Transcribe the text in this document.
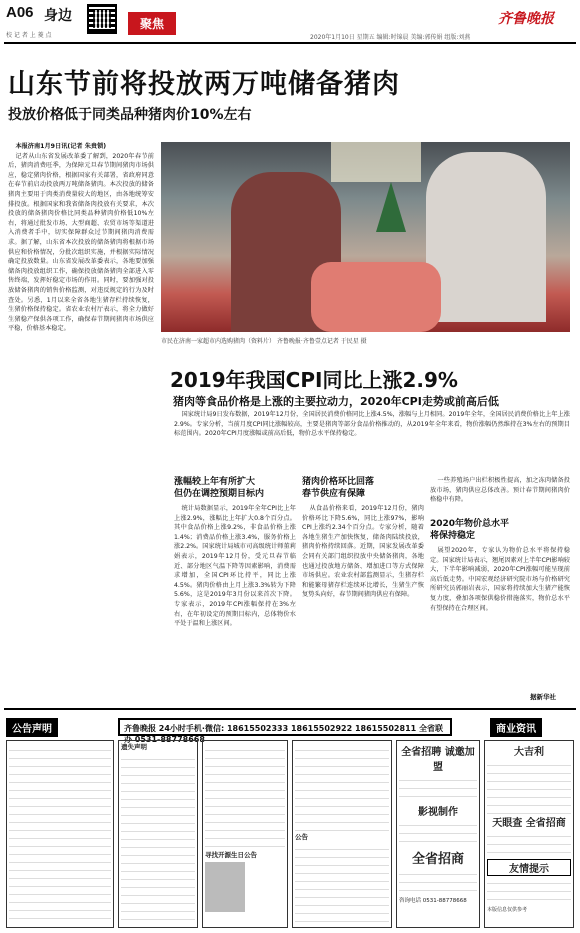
A06 身边
校 记 者 上 菱 点
聚焦	齐鲁晚报
2020年1月10日 星期五 编辑:时锦晨 美编:郭传娟 组版:刘燕
山东节前将投放两万吨储备猪肉
投放价格低于同类品种猪肉价10%左右

本报济南1月9日讯(记者 朱贵锁)

记者从山东省发展改革委了解到，2020年春节前后，猪肉消费旺季，为保障元旦春节期间猪肉市场供应，稳定猪肉价格，根据国家有关部署，省政府同意在春节前启动投放两万吨储备猪肉。本次投放的储备猪肉主要用于肉类消费量较大的地区，由各地统筹安排投放。根据国家和我省储备肉投放有关要求，本次投放的储备猪肉价格比同类品种猪肉价格低10%左右，将通过批发市场、大型商超、农贸市场等渠道进入消费者手中，切实保障群众过节期间猪肉消费需求。据了解，山东省本次投放的储备猪肉将根据市场供应和价格情况，分批次组织实施，并根据实际情况确定投放数量。山东省发展改革委表示，各地要加强储备肉投放组织工作，确保投放储备猪肉全部进入零售终端，发挥好稳定市场的作用。同时，要加强对投放储备猪肉的销售价格监测，对违反规定的行为及时查处。另悉，1月以来全省各地生猪存栏持续恢复，生猪价格保持稳定。省农业农村厅表示，将全力做好生猪稳产保供各项工作，确保春节期间猪肉市场供应平稳，价格基本稳定。

市民在济南一家超市内选购猪肉（资料片） 齐鲁晚报·齐鲁壹点记者 于民星 摄
2019年我国CPI同比上涨2.9%
猪肉等食品价格是上涨的主要拉动力，2020年CPI走势或前高后低

国家统计局9日发布数据，2019年12月份，全国居民消费价格同比上涨4.5%，涨幅与上月相同。2019年全年，全国居民消费价格比上年上涨2.9%。专家分析，当前月度CPI同比涨幅较高，主要是猪肉等部分食品价格推动的，从2019年全年来看，物价涨幅仍然维持在3%左右的预期目标范围内。2020年CPI月度涨幅或前高后低，物价总水平保持稳定。

涨幅较上年有所扩大
但仍在调控预期目标内

统计局数据显示，2019年全年CPI比上年上涨2.9%，涨幅比上年扩大0.8个百分点。其中食品价格上涨9.2%，非食品价格上涨1.4%；消费品价格上涨3.4%，服务价格上涨2.2%。国家统计局城市司高级统计师董莉娟表示，2019年12月份，受元旦春节临近、部分地区气温下降等因素影响，消费需求增加，全国CPI环比持平，同比上涨4.5%。猪肉价格由上月上涨3.3%转为下降5.6%，这是2019年3月份以来首次下降。专家表示，2019年CPI涨幅保持在3%左右，在年初设定的预期目标内，总体物价水平处于温和上涨区间。

猪肉价格环比回落
春节供应有保障

从食品价格来看，2019年12月份，猪肉价格环比下降5.6%，同比上涨97%，影响CPI上涨约2.34个百分点。专家分析，随着各地生猪生产加快恢复，储备肉陆续投放，猪肉价格持续回落。近期，国家发展改革委会同有关部门组织投放中央储备猪肉，各地也通过投放地方储备、增加进口等方式保障市场供应。农业农村部监测显示，生猪存栏和能繁母猪存栏连续环比增长，生猪生产恢复势头向好，春节期间猪肉供应有保障。

一些养殖场户出栏积极性提高，加之冻肉储备投放市场，猪肉供应总体改善。预计春节期间猪肉价格稳中有降。

2020年物价总水平
将保持稳定

展望2020年，专家认为物价总水平将保持稳定。国家统计局表示，翘尾因素对上半年CPI影响较大，下半年影响减弱，2020年CPI涨幅可能呈现前高后低走势。中国宏观经济研究院市场与价格研究所研究员郭丽岩表示，国家将持续加大生猪产能恢复力度，叠加各项保供稳价措施落实，物价总水平有望保持在合理区间。

据新华社
公告声明	齐鲁晚报 24小时手机·微信: 18615502333 18615502922 18615502811 全省联办 0531-88778668
商业资讯
遗失声明
寻找开源生日公告
公告
全省招聘 诚邀加盟
影视制作
全省招商
咨询电话 0531-88778668
大吉利
天眼查 全省招商
友情提示
本版信息仅供参考
